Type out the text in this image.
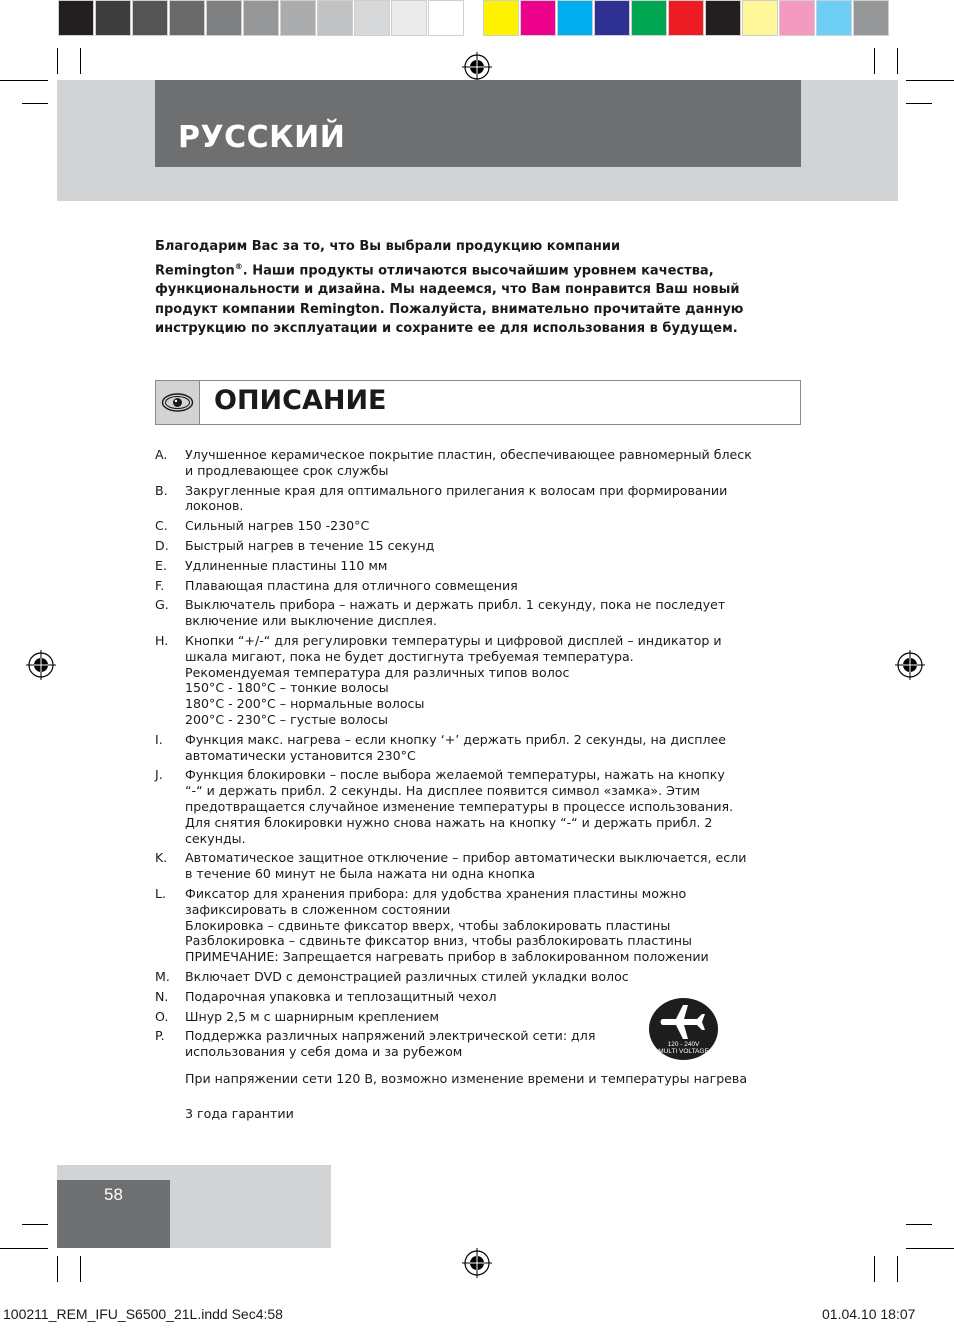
РУССКИЙ
Благодарим Вас за то, что Вы выбрали продукцию компании
Remington®. Наши продукты отличаются высочайшим уровнем качества,
функциональности и дизайна. Мы надеемся, что Вам понравится Ваш новый
продукт компании Remington. Пожалуйста, внимательно прочитайте данную
инструкцию по эксплуатации и сохраните ее для использования в будущем.
ОПИСАНИЕ
A. Улучшенное керамическое покрытие пластин, обеспечивающее равномерный блеск
и продлевающее срок службы
B. Закругленные края для оптимального прилегания к волосам при формировании
локонов.
C. Сильный нагрев 150 -230°C
D. Быстрый нагрев в течение 15 секунд
E. Удлиненные пластины 110 мм
F. Плавающая пластина для отличного совмещения
G. Выключатель прибора – нажать и держать прибл. 1 секунду, пока не последует
включение или выключение дисплея.
H. Кнопки “+/-“ для регулировки температуры и цифровой дисплей – индикатор и
шкала мигают, пока не будет достигнута требуемая температура.
Рекомендуемая температура для различных типов волос
150°C - 180°C – тонкие волосы
180°C - 200°C – нормальные волосы
200°C - 230°C – густые волосы
I. Функция макс. нагрева – если кнопку ‘+’ держать прибл. 2 секунды, на дисплее
автоматически установится 230°C
J. Функция блокировки – после выбора желаемой температуры, нажать на кнопку
“-“ и держать прибл. 2 секунды. На дисплее появится символ «замка». Этим
предотвращается случайное изменение температуры в процессе использования.
Для снятия блокировки нужно снова нажать на кнопку “-“ и держать прибл. 2
секунды.
K. Автоматическое защитное отключение – прибор автоматически выключается, если
в течение 60 минут не была нажата ни одна кнопка
L. Фиксатор для хранения прибора: для удобства хранения пластины можно
зафиксировать в сложенном состоянии
Блокировка – сдвиньте фиксатор вверх, чтобы заблокировать пластины
Разблокировка – сдвиньте фиксатор вниз, чтобы разблокировать пластины
ПРИМЕЧАНИЕ: Запрещается нагревать прибор в заблокированном положении
M. Включает DVD с демонстрацией различных стилей укладки волос
N. Подарочная упаковка и теплозащитный чехол
O. Шнур 2,5 м с шарнирным креплением
P. Поддержка различных напряжений электрической сети: для
использования у себя дома и за рубежом	120 - 240V
MULTI VOLTAGE
При напряжении сети 120 В, возможно изменение времени и температуры нагрева
3 года гарантии
58
100211_REM_IFU_S6500_21L.indd Sec4:58	01.04.10 18:07
